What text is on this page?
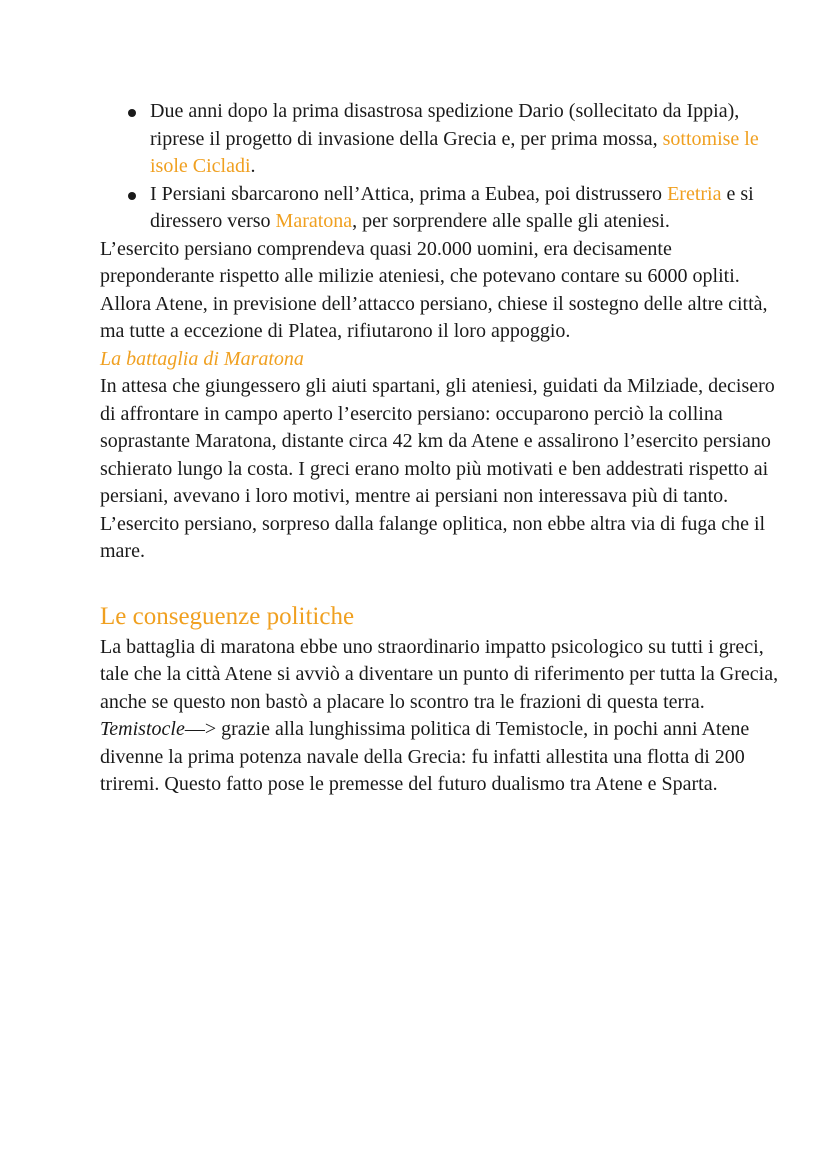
Due anni dopo la prima disastrosa spedizione Dario (sollecitato da Ippia), riprese il progetto di invasione della Grecia e, per prima mossa, sottomise le isole Cicladi.
I Persiani sbarcarono nell’Attica, prima a Eubea, poi distrussero Eretria e si diressero verso Maratona, per sorprendere alle spalle gli ateniesi.

L’esercito persiano comprendeva quasi 20.000 uomini, era decisamente preponderante rispetto alle milizie ateniesi, che potevano contare su 6000 opliti. Allora Atene, in previsione dell’attacco persiano, chiese il sostegno delle altre città, ma tutte a eccezione di Platea, rifiutarono il loro appoggio.

La battaglia di Maratona

In attesa che giungessero gli aiuti spartani, gli ateniesi, guidati da Milziade, decisero di affrontare in campo aperto l’esercito persiano: occuparono perciò la collina soprastante Maratona, distante circa 42 km da Atene e assalirono l’esercito persiano schierato lungo la costa. I greci erano molto più motivati e ben addestrati rispetto ai persiani, avevano i loro motivi, mentre ai persiani non interessava più di tanto.

L’esercito persiano, sorpreso dalla falange oplitica, non ebbe altra via di fuga che il mare.

Le conseguenze politiche

La battaglia di maratona ebbe uno straordinario impatto psicologico su tutti i greci, tale che la città Atene si avviò a diventare un punto di riferimento per tutta la Grecia, anche se questo non bastò a placare lo scontro tra le frazioni di questa terra.

Temistocle—> grazie alla lunghissima politica di Temistocle, in pochi anni Atene divenne la prima potenza navale della Grecia: fu infatti allestita una flotta di 200 triremi. Questo fatto pose le premesse del futuro dualismo tra Atene e Sparta.
